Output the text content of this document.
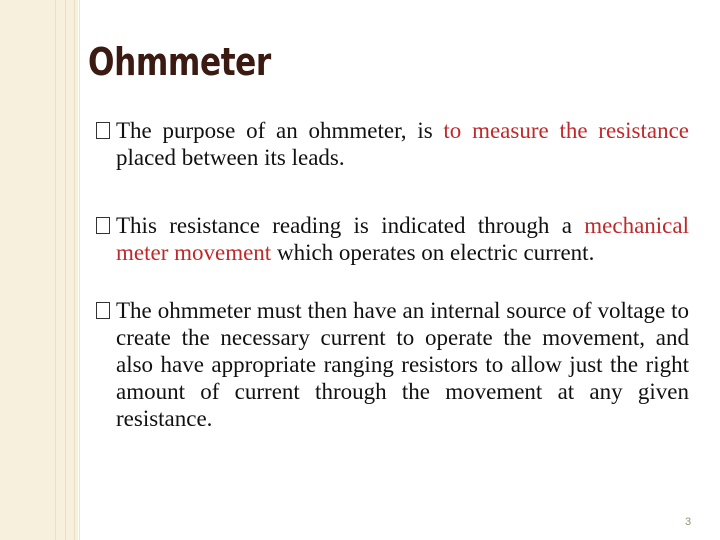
Ohmmeter
The purpose of an ohmmeter, is to measure the resistance placed between its leads.
This resistance reading is indicated through a mechanical meter movement which operates on electric current.
The ohmmeter must then have an internal source of voltage to create the necessary current to operate the movement, and also have appropriate ranging resistors to allow just the right amount of current through the movement at any given resistance.
3
